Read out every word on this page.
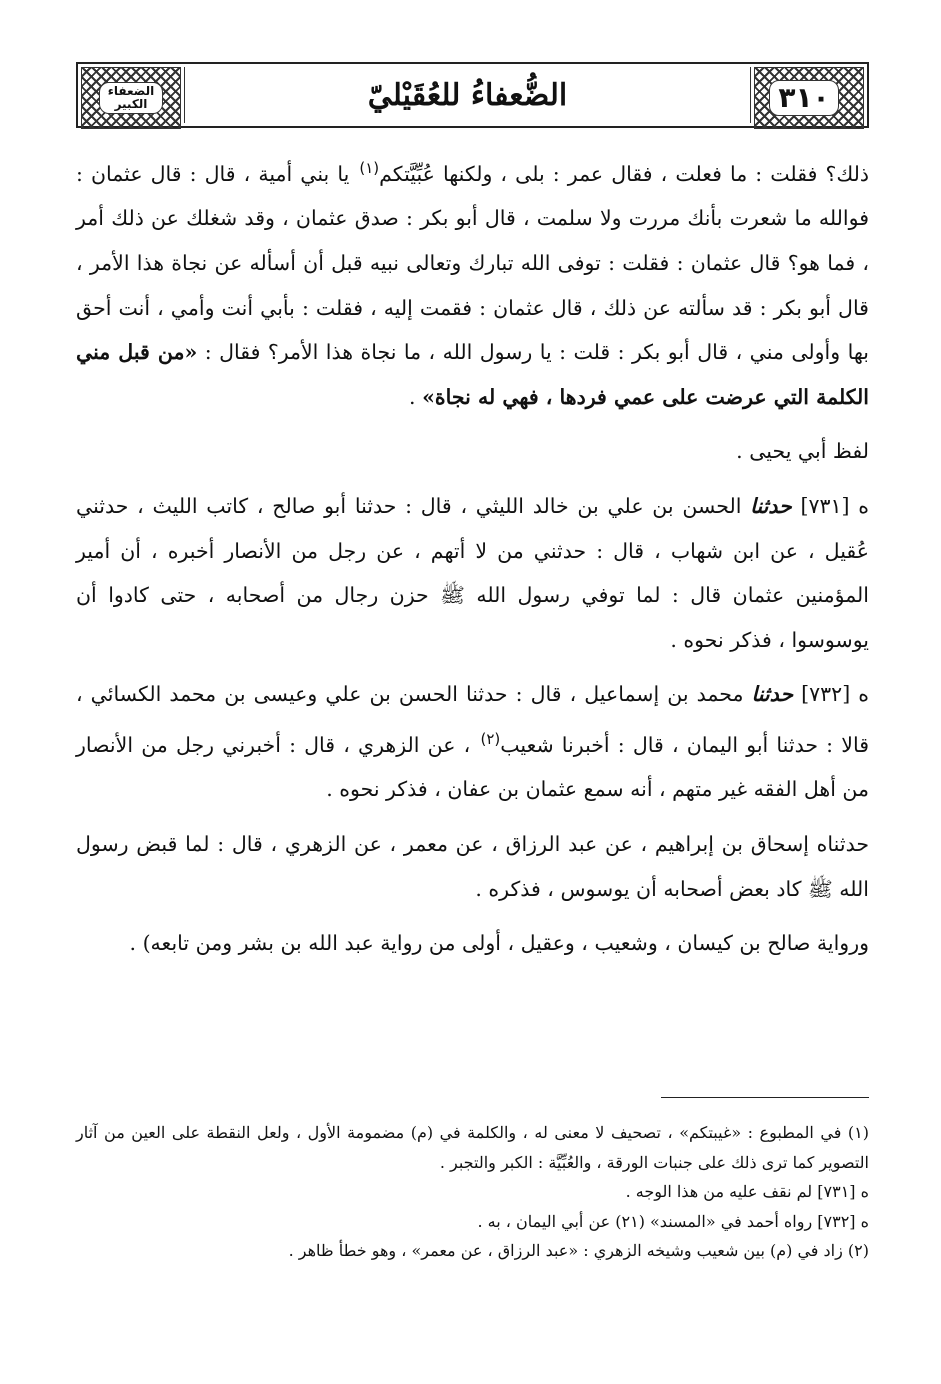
الضعفاء
الكبير	الضُّعفاءُ للعُقَيْليّ	٣١٠

ذلك؟ فقلت : ما فعلت ، فقال عمر : بلى ، ولكنها عُبِّيَّتكم$^{(١)}$ يا بني أمية ، قال : قال عثمان : فوالله ما شعرت بأنك مررت ولا سلمت ، قال أبو بكر : صدق عثمان ، وقد شغلك عن ذلك أمر ، فما هو؟ قال عثمان : فقلت : توفى الله تبارك وتعالى نبيه قبل أن أسأله عن نجاة هذا الأمر ، قال أبو بكر : قد سألته عن ذلك ، قال عثمان : فقمت إليه ، فقلت : بأبي أنت وأمي ، أنت أحق بها وأولى مني ، قال أبو بكر : قلت : يا رسول الله ، ما نجاة هذا الأمر؟ فقال : «من قبل مني الكلمة التي عرضت على عمي فردها ، فهي له نجاة» .

لفظ أبي يحيى .

ه [٧٣١] حدثنا الحسن بن علي بن خالد الليثي ، قال : حدثنا أبو صالح ، كاتب الليث ، حدثني عُقيل ، عن ابن شهاب ، قال : حدثني من لا أتهم ، عن رجل من الأنصار أخبره ، أن أمير المؤمنين عثمان قال : لما توفي رسول الله ﷺ حزن رجال من أصحابه ، حتى كادوا أن يوسوسوا ، فذكر نحوه .

ه [٧٣٢] حدثنا محمد بن إسماعيل ، قال : حدثنا الحسن بن علي وعيسى بن محمد الكسائي ، قالا : حدثنا أبو اليمان ، قال : أخبرنا شعيب$^{(٢)}$ ، عن الزهري ، قال : أخبرني رجل من الأنصار من أهل الفقه غير متهم ، أنه سمع عثمان بن عفان ، فذكر نحوه .

حدثناه إسحاق بن إبراهيم ، عن عبد الرزاق ، عن معمر ، عن الزهري ، قال : لما قبض رسول الله ﷺ كاد بعض أصحابه أن يوسوس ، فذكره .

ورواية صالح بن كيسان ، وشعيب ، وعقيل ، أولى من رواية عبد الله بن بشر ومن تابعه) .

(١) في المطبوع : «غيبتكم» ، تصحيف لا معنى له ، والكلمة في (م) مضمومة الأول ، ولعل النقطة على العين من آثار التصوير كما ترى ذلك على جنبات الورقة ، والعُبِّيَّة : الكبر والتجبر .

ه [٧٣١] لم نقف عليه من هذا الوجه .

ه [٧٣٢] رواه أحمد في «المسند» (٢١) عن أبي اليمان ، به .

(٢) زاد في (م) بين شعيب وشيخه الزهري : «عبد الرزاق ، عن معمر» ، وهو خطأ ظاهر .
